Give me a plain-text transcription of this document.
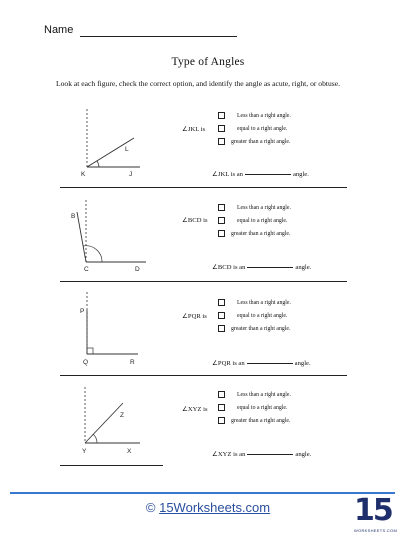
Name
Type of Angles
Look at each figure, check the correct option, and identify the angle as acute, right, or obtuse.
L
K	J
∠JKL is
Less than a right angle.
equal to a right angle.
greater than a right angle.
∠JKL is an	angle.
B
C	D
∠BCD is
Less than a right angle.
equal to a right angle.
greater than a right angle.
∠BCD is an	angle.
P
Q	R
∠PQR is
Less than a right angle.
equal to a right angle.
greater than a right angle.
∠PQR is an	angle.
Z
Y	X
∠XYZ is
Less than a right angle.
equal to a right angle.
greater than a right angle.
∠XYZ is an	angle.
© 15Worksheets.com	15
WORKSHEETS.COM
